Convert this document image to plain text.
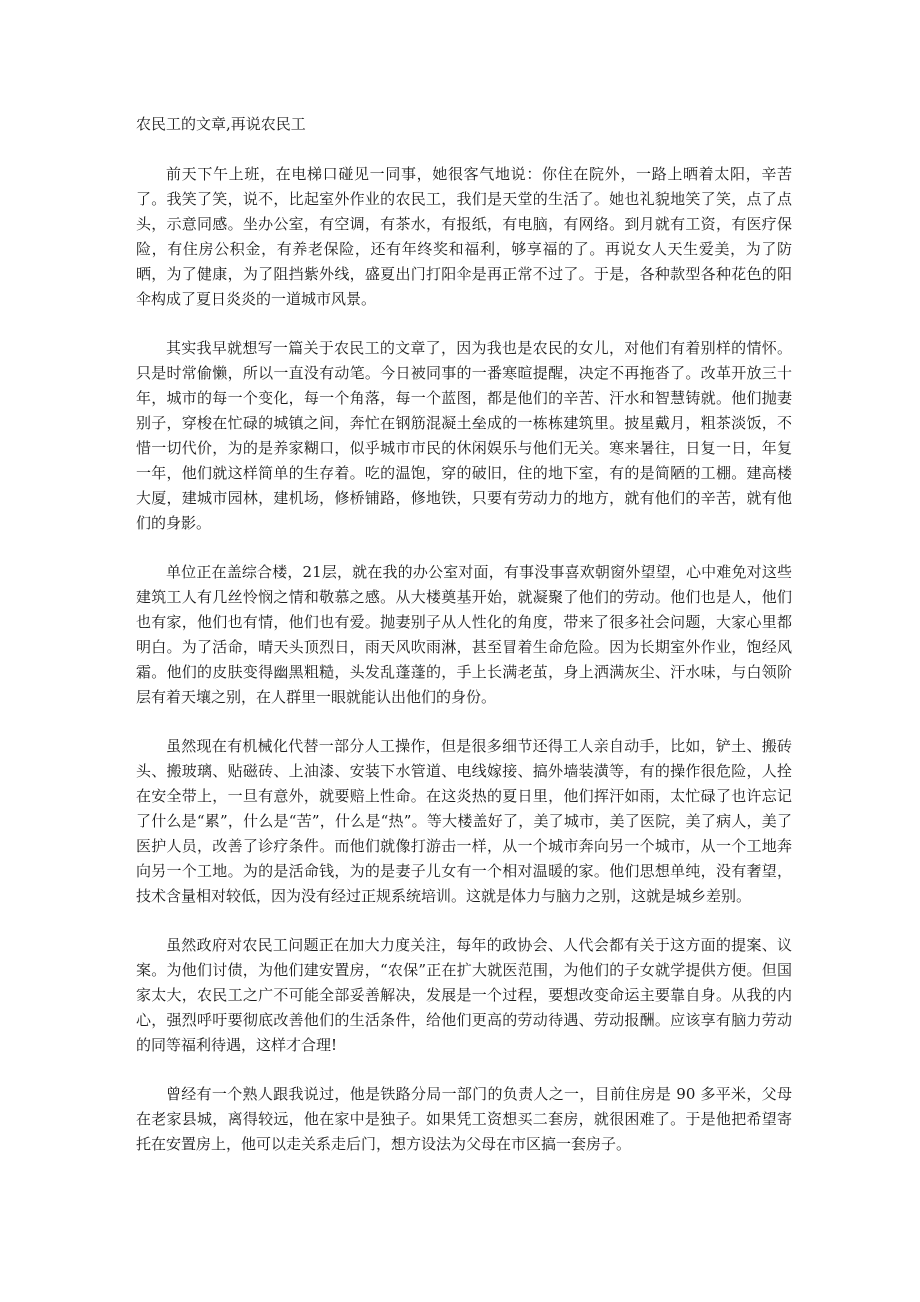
农民工的文章,再说农民工

前天下午上班，在电梯口碰见一同事，她很客气地说：你住在院外，一路上晒着太阳，辛苦了。我笑了笑，说不，比起室外作业的农民工，我们是天堂的生活了。她也礼貌地笑了笑，点了点头，示意同感。坐办公室，有空调，有茶水，有报纸，有电脑，有网络。到月就有工资，有医疗保险，有住房公积金，有养老保险，还有年终奖和福利，够享福的了。再说女人天生爱美，为了防晒，为了健康，为了阻挡紫外线，盛夏出门打阳伞是再正常不过了。于是，各种款型各种花色的阳伞构成了夏日炎炎的一道城市风景。

其实我早就想写一篇关于农民工的文章了，因为我也是农民的女儿，对他们有着别样的情怀。只是时常偷懒，所以一直没有动笔。今日被同事的一番寒暄提醒，决定不再拖沓了。改革开放三十年，城市的每一个变化，每一个角落，每一个蓝图，都是他们的辛苦、汗水和智慧铸就。他们抛妻别子，穿梭在忙碌的城镇之间，奔忙在钢筋混凝土垒成的一栋栋建筑里。披星戴月，粗茶淡饭，不惜一切代价，为的是养家糊口，似乎城市市民的休闲娱乐与他们无关。寒来暑往，日复一日，年复一年，他们就这样简单的生存着。吃的温饱，穿的破旧，住的地下室，有的是简陋的工棚。建高楼大厦，建城市园林，建机场，修桥铺路，修地铁，只要有劳动力的地方，就有他们的辛苦，就有他们的身影。

单位正在盖综合楼，21层，就在我的办公室对面，有事没事喜欢朝窗外望望，心中难免对这些建筑工人有几丝怜悯之情和敬慕之感。从大楼奠基开始，就凝聚了他们的劳动。他们也是人，他们也有家，他们也有情，他们也有爱。抛妻别子从人性化的角度，带来了很多社会问题，大家心里都明白。为了活命，晴天头顶烈日，雨天风吹雨淋，甚至冒着生命危险。因为长期室外作业，饱经风霜。他们的皮肤变得幽黑粗糙，头发乱蓬蓬的，手上长满老茧，身上洒满灰尘、汗水味，与白领阶层有着天壤之别，在人群里一眼就能认出他们的身份。

虽然现在有机械化代替一部分人工操作，但是很多细节还得工人亲自动手，比如，铲土、搬砖头、搬玻璃、贴磁砖、上油漆、安装下水管道、电线嫁接、搞外墙装潢等，有的操作很危险，人拴在安全带上，一旦有意外，就要赔上性命。在这炎热的夏日里，他们挥汗如雨，太忙碌了也许忘记了什么是“累”，什么是“苦”，什么是“热”。等大楼盖好了，美了城市，美了医院，美了病人，美了医护人员，改善了诊疗条件。而他们就像打游击一样，从一个城市奔向另一个城市，从一个工地奔向另一个工地。为的是活命钱，为的是妻子儿女有一个相对温暖的家。他们思想单纯，没有奢望，技术含量相对较低，因为没有经过正规系统培训。这就是体力与脑力之别，这就是城乡差别。

虽然政府对农民工问题正在加大力度关注，每年的政协会、人代会都有关于这方面的提案、议案。为他们讨债，为他们建安置房，“农保”正在扩大就医范围，为他们的子女就学提供方便。但国家太大，农民工之广不可能全部妥善解决，发展是一个过程，要想改变命运主要靠自身。从我的内心，强烈呼吁要彻底改善他们的生活条件，给他们更高的劳动待遇、劳动报酬。应该享有脑力劳动的同等福利待遇，这样才合理!

曾经有一个熟人跟我说过，他是铁路分局一部门的负责人之一，目前住房是 90 多平米，父母在老家县城，离得较远，他在家中是独子。如果凭工资想买二套房，就很困难了。于是他把希望寄托在安置房上，他可以走关系走后门，想方设法为父母在市区搞一套房子。
